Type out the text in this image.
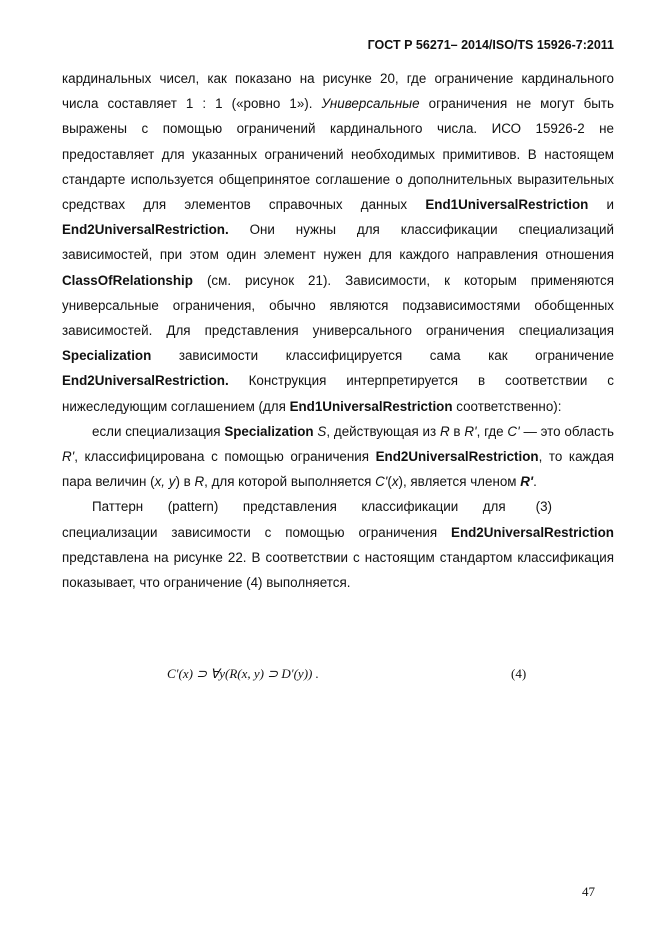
ГОСТ Р 56271– 2014/ISO/TS 15926-7:2011

кардинальных чисел, как показано на рисунке 20, где ограничение кардинального числа составляет 1 : 1 («ровно 1»). Универсальные ограничения не могут быть выражены с помощью ограничений кардинального числа. ИСО 15926-2 не предоставляет для указанных ограничений необходимых примитивов. В настоящем стандарте используется общепринятое соглашение о дополнительных выразительных средствах для элементов справочных данных End1UniversalRestriction и End2UniversalRestriction. Они нужны для классификации специализаций зависимостей, при этом один элемент нужен для каждого направления отношения ClassOfRelationship (см. рисунок 21). Зависимости, к которым применяются универсальные ограничения, обычно являются подзависимостями обобщенных зависимостей. Для представления универсального ограничения специализация Specialization зависимости классифицируется сама как ограничение End2UniversalRestriction. Конструкция интерпретируется в соответствии с нижеследующим соглашением (для End1UniversalRestriction соответственно):

если специализация Specialization S, действующая из R в R', где C' — это область R', классифицирована с помощью ограничения End2UniversalRestriction, то каждая пара величин (x, y) в R, для которой выполняется C'(x), является членом R'.
(3)

Паттерн (pattern) представления классификации для специализации зависимости с помощью ограничения End2UniversalRestriction представлена на рисунке 22. В соответствии с настоящим стандартом классификация показывает, что ограничение (4) выполняется.

C′(x) ⊃ ∀y(R(x, y) ⊃ D′(y)) .	(4)
47
